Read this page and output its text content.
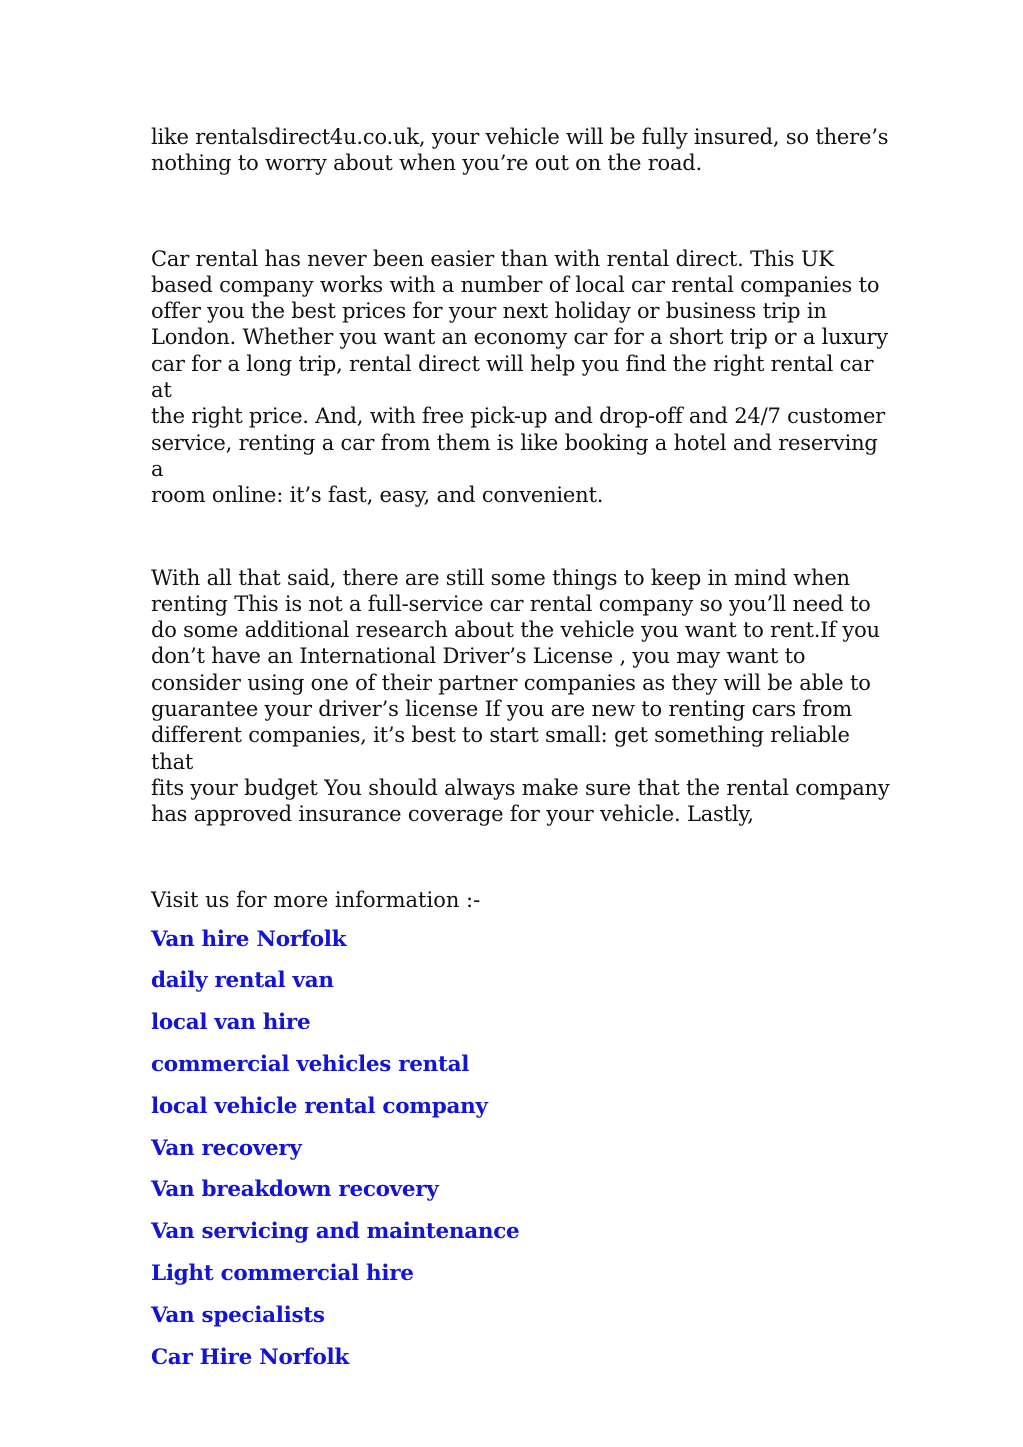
like rentalsdirect4u.co.uk, your vehicle will be fully insured, so there’s
nothing to worry about when you’re out on the road.

Car rental has never been easier than with rental direct. This UK
based company works with a number of local car rental companies to
offer you the best prices for your next holiday or business trip in
London. Whether you want an economy car for a short trip or a luxury
car for a long trip, rental direct will help you find the right rental car at
the right price. And, with free pick-up and drop-off and 24/7 customer
service, renting a car from them is like booking a hotel and reserving a
room online: it’s fast, easy, and convenient.

With all that said, there are still some things to keep in mind when
renting This is not a full-service car rental company so you’ll need to
do some additional research about the vehicle you want to rent.If you
don’t have an International Driver’s License , you may want to
consider using one of their partner companies as they will be able to
guarantee your driver’s license If you are new to renting cars from
different companies, it’s best to start small: get something reliable that
fits your budget You should always make sure that the rental company
has approved insurance coverage for your vehicle. Lastly,

Visit us for more information :-

Van hire Norfolk
daily rental van
local van hire
commercial vehicles rental
local vehicle rental company
Van recovery
Van breakdown recovery
Van servicing and maintenance
Light commercial hire
Van specialists
Car Hire Norfolk
